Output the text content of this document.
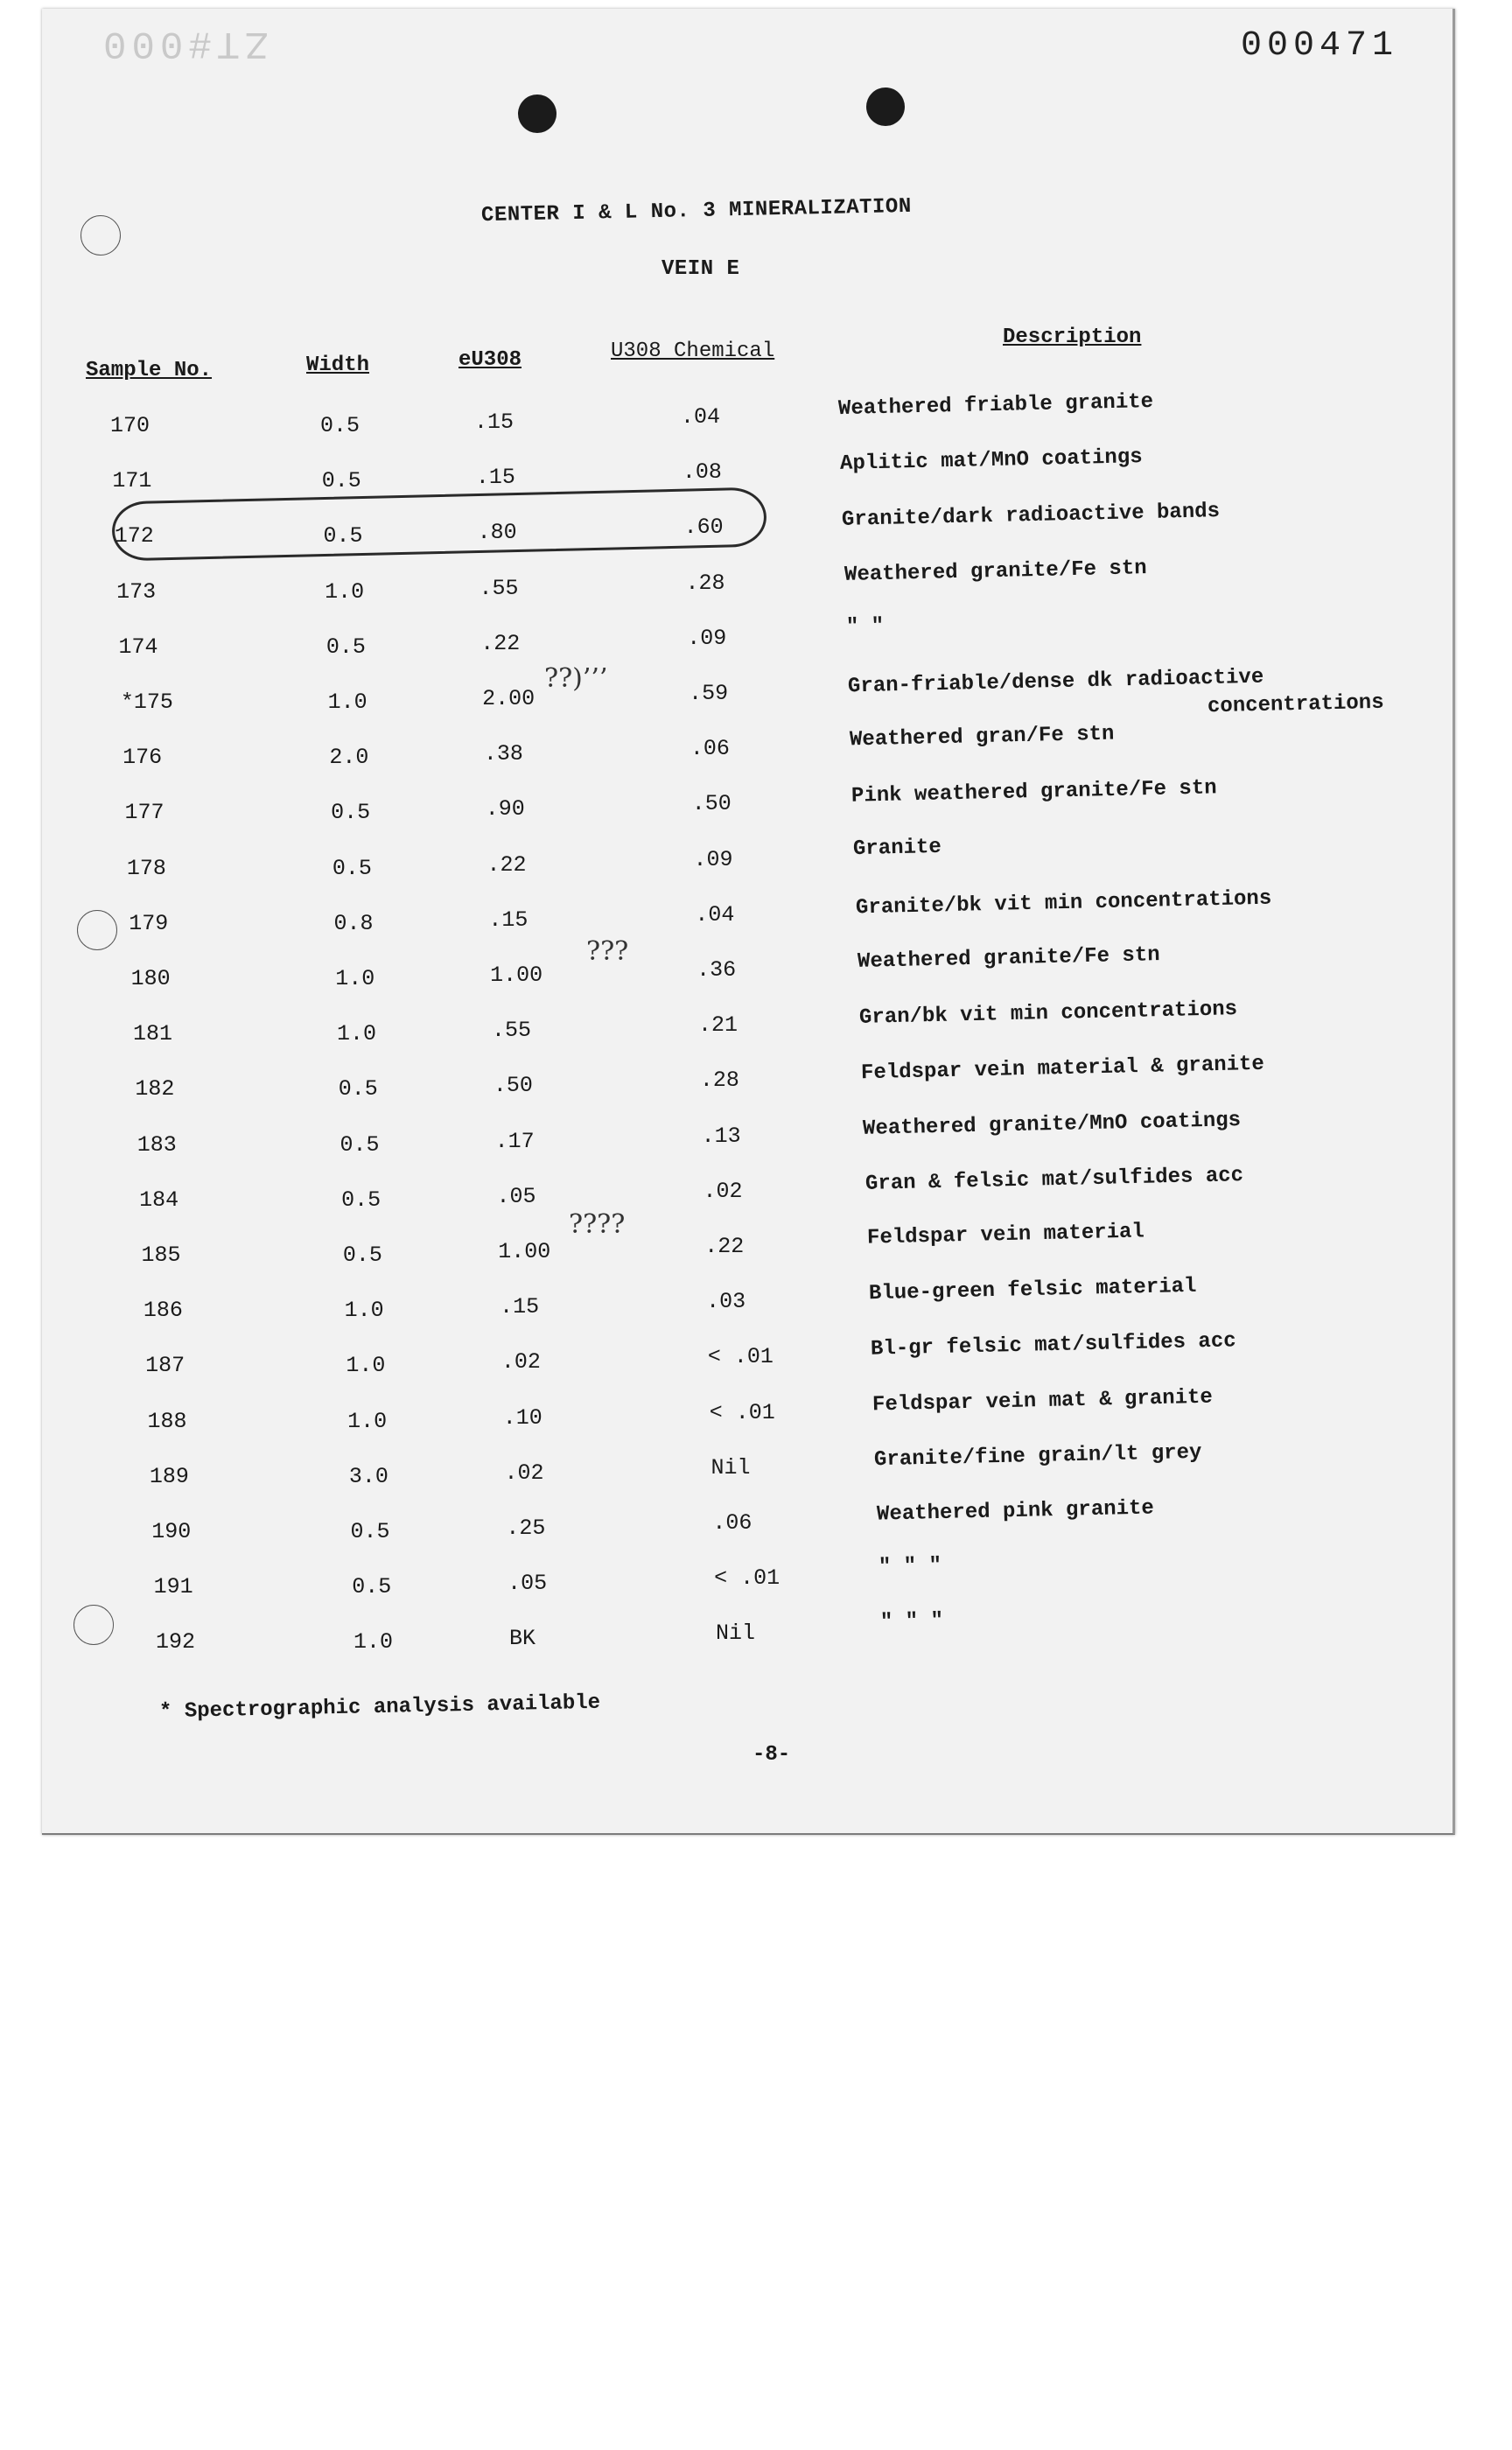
ZT#000	000471
CENTER I & L No. 3 MINERALIZATION
VEIN E
Sample No.	Width	eU308	U308 Chemical
Description
170	0.5	.15	.04	Weathered friable granite
171	0.5	.15	.08	Aplitic mat/MnO coatings
172	0.5	.80	.60	Granite/dark radioactive bands
173	1.0	.55	.28	Weathered granite/Fe stn
174	0.5	.22	.09	" "
*175	1.0	2.00	.59	Gran-friable/dense dk radioactive
concentrations
176	2.0	.38	.06	Weathered gran/Fe stn
177	0.5	.90	.50	Pink weathered granite/Fe stn
178	0.5	.22	.09	Granite
179	0.8	.15	.04	Granite/bk vit min concentrations
180	1.0	1.00	.36	Weathered granite/Fe stn
181	1.0	.55	.21	Gran/bk vit min concentrations
182	0.5	.50	.28	Feldspar vein material & granite
183	0.5	.17	.13	Weathered granite/MnO coatings
184	0.5	.05	.02	Gran & felsic mat/sulfides acc
185	0.5	1.00	.22	Feldspar vein material
186	1.0	.15	.03	Blue-green felsic material
187	1.0	.02	< .01	Bl-gr felsic mat/sulfides acc
188	1.0	.10	< .01	Feldspar vein mat & granite
189	3.0	.02	Nil	Granite/fine grain/lt grey
190	0.5	.25	.06	Weathered pink granite
191	0.5	.05	< .01	" " "
192	1.0	BK	Nil	" " "
??)’’’
???
????
* Spectrographic analysis available
-8-
